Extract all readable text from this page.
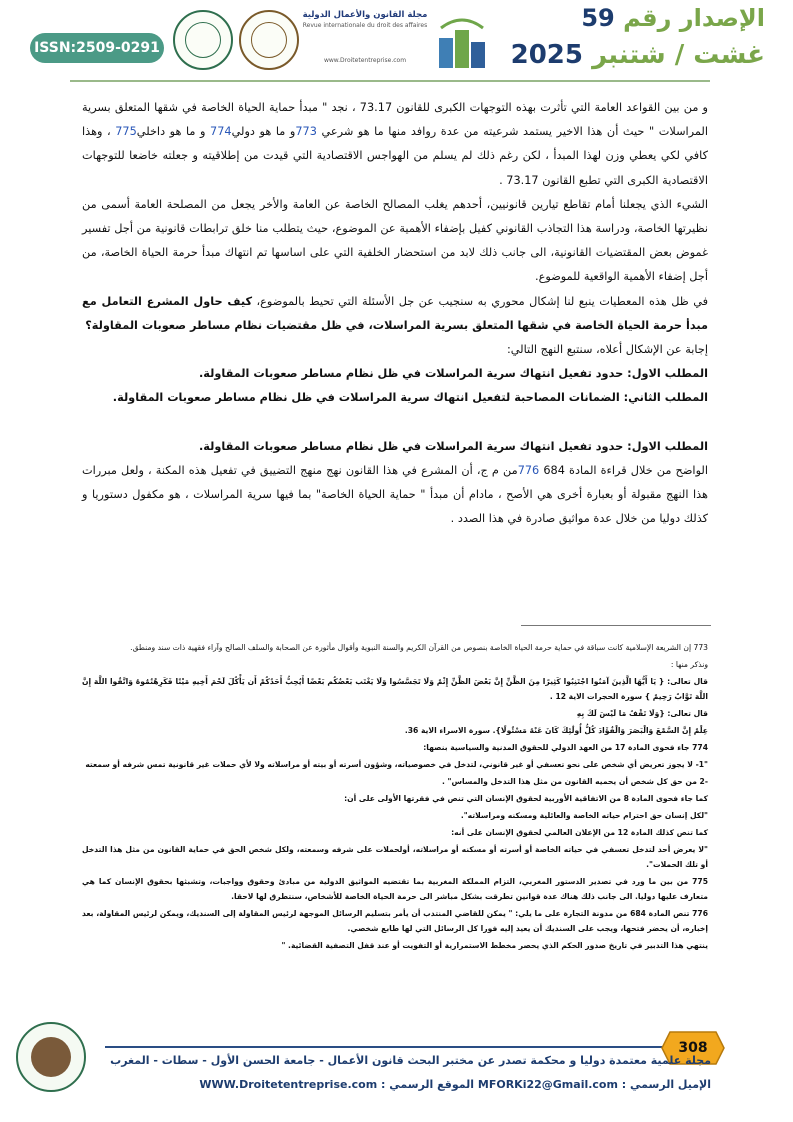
ISSN:2509-0291
مجلة القانون والأعمال الدولية
Revue internationale du droit des affaires
www.Droitetentreprise.com
الإصدار رقم 59
غشت / شتنبر 2025

و من بين القواعد العامة التي تأثرت بهذه التوجهات الكبرى للقانون 73.17 ، نجد " مبدأ حماية الحياة الخاصة في شقها المتعلق بسرية المراسلات " حيث أن هذا الاخير يستمد شرعيته من عدة روافد منها ما هو شرعي 773و ما هو دولي774 و ما هو داخلي775 ، وهذا كافي لكي يعطي وزن لهذا المبدأ ، لكن رغم ذلك لم يسلم من الهواجس الاقتصادية التي قيدت من إطلاقيته و جعلته خاضعا للتوجهات الاقتصادية الكبرى التي تطبع القانون 73.17 .

الشيء الذي يجعلنا أمام تقاطع تيارين قانونيين، أحدهم يغلب المصالح الخاصة عن العامة والأخر يجعل من المصلحة العامة أسمى من نظيرتها الخاصة، ودراسة هذا التجاذب القانوني كفيل بإضفاء الأهمية عن الموضوع، حيث يتطلب منا خلق ترابطات قانونية من أجل تفسير غموض بعض المقتضيات القانونية، الى جانب ذلك لابد من استحضار الخلفية التي على اساسها تم انتهاك مبدأ حرمة الحياة الخاصة، من أجل إضفاء الأهمية الواقعية للموضوع.

في ظل هذه المعطيات ينبع لنا إشكال محوري به سنجيب عن جل الأسئلة التي تحيط بالموضوع، كيف حاول المشرع التعامل مع مبدأ حرمة الحياة الخاصة في شقها المتعلق بسرية المراسلات، في ظل مقتضيات نظام مساطر صعوبات المقاولة؟

إجابة عن الإشكال أعلاه، سنتبع النهج التالي:

المطلب الاول: حدود تفعيل انتهاك سرية المراسلات في ظل نظام مساطر صعوبات المقاولة.

المطلب الثاني: الضمانات المصاحبة لتفعيل انتهاك سرية المراسلات في ظل نظام مساطر صعوبات المقاولة.

المطلب الاول: حدود تفعيل انتهاك سرية المراسلات في ظل نظام مساطر صعوبات المقاولة.

الواضح من خلال قراءة المادة 684 776من م ج، أن المشرع في هذا القانون نهج منهج التضييق في تفعيل هذه المكنة ، ولعل مبررات هذا النهج مقبولة أو بعبارة أخرى هي الأصح ، مادام أن مبدأ " حماية الحياة الخاصة" بما فيها سرية المراسلات ، هو مكفول دستوريا و كذلك دوليا من خلال عدة مواثيق صادرة في هذا الصدد .

773 إن الشريعة الإسلامية كانت سباقة في حماية حرمة الحياة الخاصة بنصوص من القرآن الكريم والسنة النبوية وأقوال مأثورة عن الصحابة والسلف الصالح وآراء فقهية ذات سند ومنطق.

ونذكر منها :

قال تعالى: { يَا أَيُّهَا الَّذِينَ آمَنُوا اجْتَنِبُوا كَثِيرًا مِنَ الظَّنِّ إِنَّ بَعْضَ الظَّنِّ إِثْمٌ وَلَا تَجَسَّسُوا وَلَا يَغْتَب بَعْضُكُم بَعْضًا أَيُحِبُّ أَحَدُكُمْ أَن يَأْكُلَ لَحْمَ أَخِيهِ مَيْتًا فَكَرِهْتُمُوهُ وَاتَّقُوا اللَّهَ إِنَّ اللَّهَ تَوَّابٌ رَحِيمٌ } سورة الحجرات الاية 12 .

قال تعالى: {وَلَا تَقْفُ مَا لَيْسَ لَكَ بِهِ

عِلْمٌ إِنَّ السَّمْعَ وَالْبَصَرَ وَالْفُؤَادَ كُلُّ أُولَٰئِكَ كَانَ عَنْهُ مَسْئُولًا}. سورة الاسراء الاية 36.

774 جاء فحوى المادة 17 من العهد الدولي للحقوق المدنية والسياسية بنصها:

"1- لا يجوز تعريض أي شخص على نحو تعسفي أو غير قانوني، لتدخل في خصوصياته، وشؤون أسرته أو بيته أو مراسلاته ولا لأي حملات غير قانونية تمس شرفه أو سمعته

-2 من حق كل شخص أن يحميه القانون من مثل هذا التدخل والمساس" .

كما جاء فحوى المادة 8 من الاتفاقية الأوربية لحقوق الإنسان التي تنص في فقرتها الأولى على أن:

"لكل إنسان حق احترام حياته الخاصة والعائلية ومسكنه ومراسلاته".

كما تنص كذلك المادة 12 من الإعلان العالمي لحقوق الإنسان على أنه:

"لا يعرض أحد لتدخل تعسفي في حياته الخاصة أو أسرته أو مسكنه أو مراسلاته، أولحملات على شرفه وسمعته، ولكل شخص الحق في حماية القانون من مثل هذا التدخل أو تلك الحملات".

775 من بين ما ورد في تصدير الدستور المغربي، التزام المملكة المغربية بما تقتضيه المواثيق الدولية من مبادئ وحقوق وواجبات، وتشبثها بحقوق الإنسان كما هي متعارف عليها دوليا. الى جانب ذلك هناك عدة قوانين تطرقت بشكل مباشر الى حرمة الحياة الخاصة للأشخاص، سنتطرق لها لاحقا.

776 تنص المادة 684 من مدونة التجارة على ما يلي: " يمكن للقاضي المنتدب أن يأمر بتسليم الرسائل الموجهة لرئيس المقاولة إلى السنديك، ويمكن لرئيس المقاولة، بعد إخباره، أن يحضر فتحها، ويجب على السنديك أن يعيد إليه فورا كل الرسائل التي لها طابع شخصي.

ينتهي هذا التدبير في تاريخ صدور الحكم الذي يحصر مخطط الاستمرارية أو التفويت أو عند قفل التصفية القضائية. "

308
مجلة علمية معتمدة دوليا و محكمة تصدر عن مختبر البحث قانون الأعمال - جامعة الحسن الأول - سطات - المغرب
الإميل الرسمي : MFORKi22@Gmail.com الموقع الرسمي : WWW.Droitetentreprise.com
